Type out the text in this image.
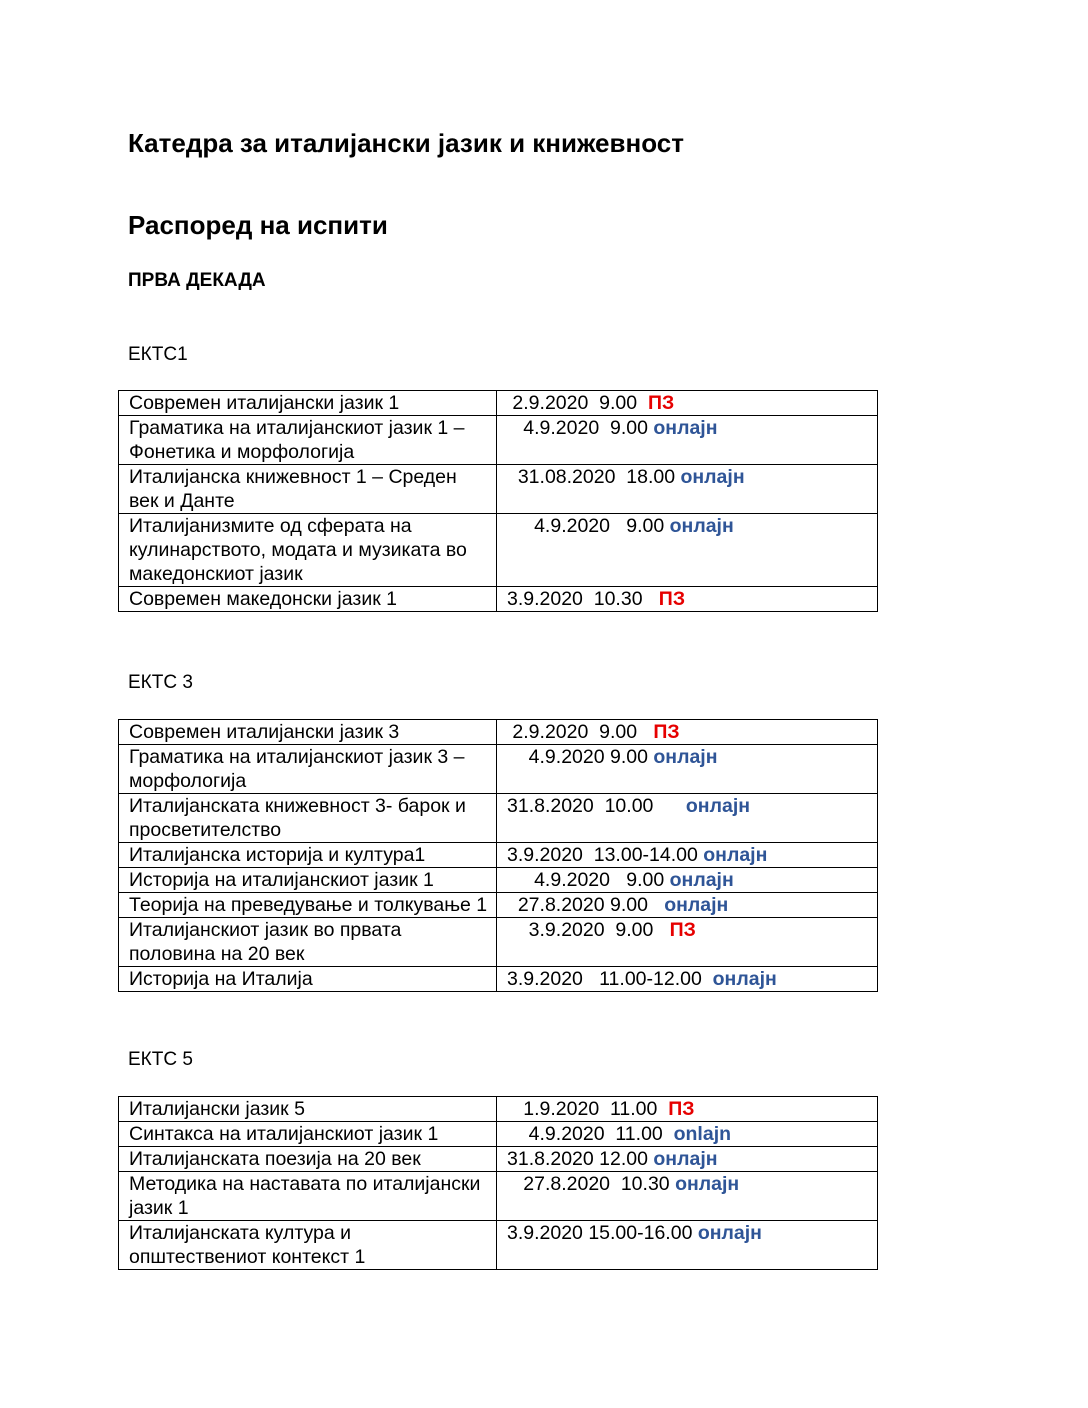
Катедра за италијански јазик и книжевност
Распоред на испити
ПРВА ДЕКАДА
ЕКТС1
Современ италијански јазик 1	2.9.2020  9.00  ПЗ
Граматика на италијанскиот јазик 1 –Фонетика и морфологија	4.9.2020  9.00 онлајн
Италијанска книжевност 1 – Среден век и Данте	31.08.2020  18.00 онлајн
Италијанизмите од сферата на кулинарството, модата и музиката во македонскиот јазик	4.9.2020   9.00 онлајн
Современ македонски јазик 1	3.9.2020  10.30   ПЗ
ЕКТС 3
Современ италијански јазик 3	2.9.2020  9.00   ПЗ
Граматика на италијанскиот јазик 3 – морфологија	4.9.2020 9.00 онлајн
Италијанската книжевност 3- барок и просветителство	31.8.2020  10.00      онлајн
Италијанска историја и култура1	3.9.2020  13.00-14.00 онлајн
Историја на италијанскиот јазик 1	4.9.2020   9.00 онлајн
Теорија на преведување и толкување 1	27.8.2020 9.00   онлајн
Италијанскиот јазик во првата половина на 20 век	3.9.2020  9.00   ПЗ
Историја на Италија	3.9.2020   11.00-12.00  онлајн
ЕКТС 5
Италијански јазик 5	1.9.2020  11.00  ПЗ
Синтакса на италијанскиот јазик 1	4.9.2020  11.00  onlajn
Италијанската поезија на 20 век	31.8.2020 12.00 онлајн
Методика на наставата по италијански јазик 1	27.8.2020  10.30 онлајн
Италијанската култура и општествениот контекст 1	3.9.2020 15.00-16.00 онлајн
